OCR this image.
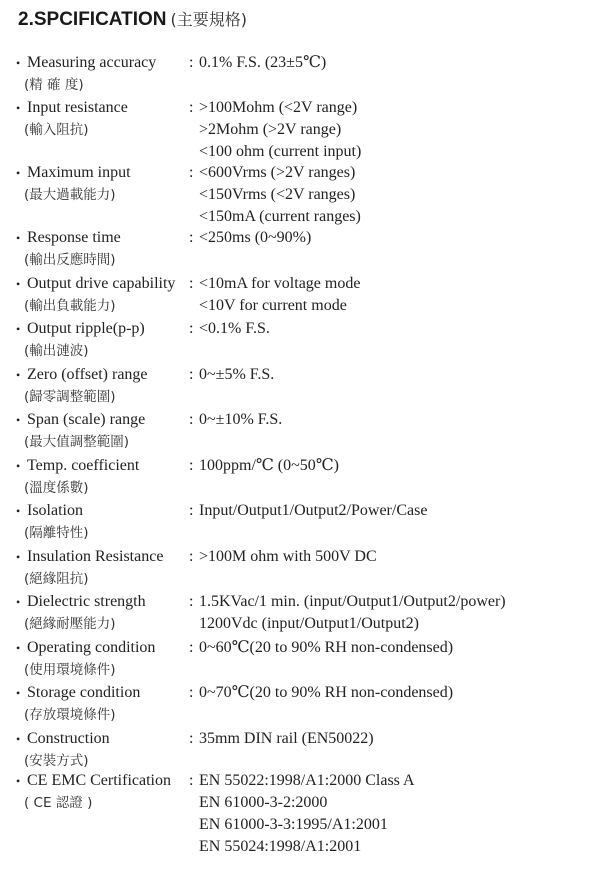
2.SPCIFICATION (主要規格)
• Measuring accuracy
(精 確 度)
: 0.1% F.S. (23±5℃)
• Input resistance
(輸入阻抗)
: >100Mohm (<2V range)
>2Mohm (>2V range)
<100 ohm (current input)
• Maximum input
(最大過載能力)
: <600Vrms (>2V ranges)
<150Vrms (<2V ranges)
<150mA (current ranges)
• Response time
(輸出反應時間)
: <250ms (0~90%)
• Output drive capability
(輸出負載能力)
: <10mA for voltage mode
<10V for current mode
• Output ripple(p-p)
(輸出漣波)
: <0.1% F.S.
• Zero (offset) range
(歸零調整範圍)
: 0~±5% F.S.
• Span (scale) range
(最大值調整範圍)
: 0~±10% F.S.
• Temp. coefficient
(溫度係數)
: 100ppm/℃ (0~50℃)
• Isolation
(隔離特性)
: Input/Output1/Output2/Power/Case
• Insulation Resistance
(絕緣阻抗)
: >100M ohm with 500V DC
• Dielectric strength
(絕緣耐壓能力)
: 1.5KVac/1 min. (input/Output1/Output2/power)
1200Vdc (input/Output1/Output2)
• Operating condition
(使用環境條件)
: 0~60℃(20 to 90% RH non-condensed)
• Storage condition
(存放環境條件)
: 0~70℃(20 to 90% RH non-condensed)
• Construction
(安裝方式)
: 35mm DIN rail (EN50022)
• CE EMC Certification
( CE 認證 )
: EN 55022:1998/A1:2000 Class A
EN 61000-3-2:2000
EN 61000-3-3:1995/A1:2001
EN 55024:1998/A1:2001
